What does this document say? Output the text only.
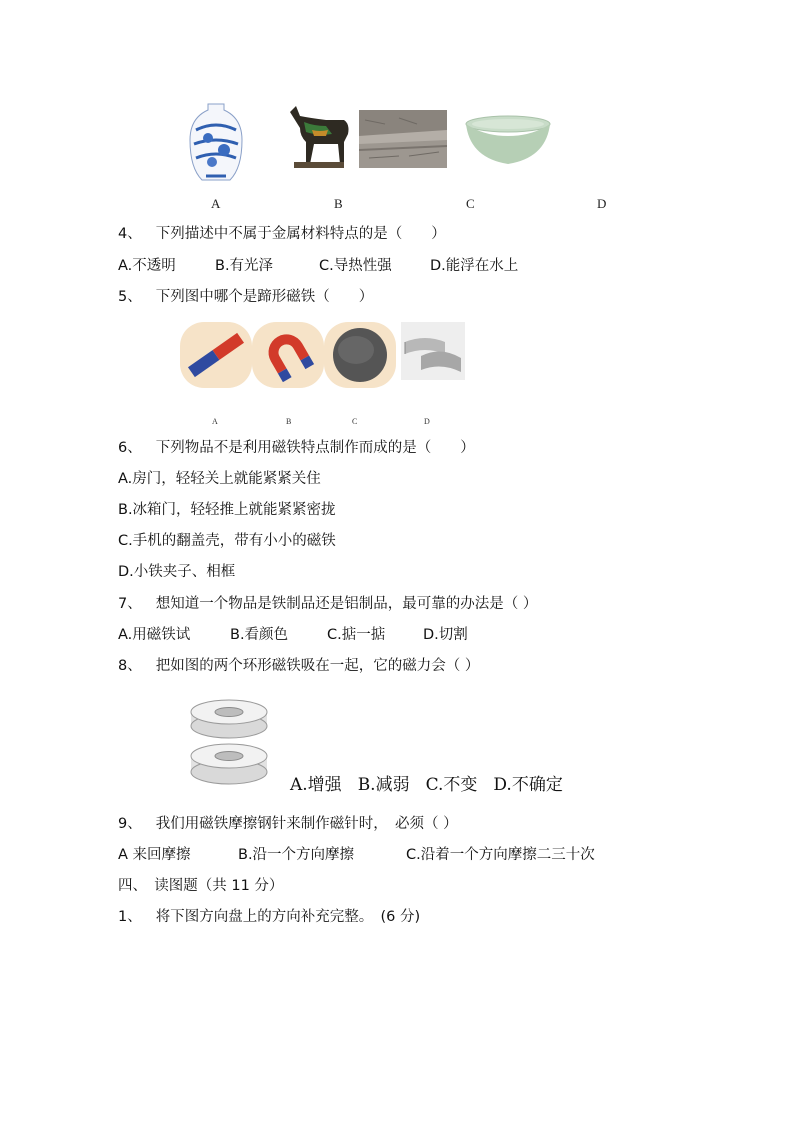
A	B	C	D
4、 下列描述中不属于金属材料特点的是（　　）
A.不透明	B.有光泽	C.导热性强	D.能浮在水上
5、 下列图中哪个是蹄形磁铁（　　）
A	B	C	D
6、 下列物品不是利用磁铁特点制作而成的是（　　）
A.房门，轻轻关上就能紧紧关住
B.冰箱门，轻轻推上就能紧紧密拢
C.手机的翻盖壳，带有小小的磁铁
D.小铁夹子、相框
7、 想知道一个物品是铁制品还是铝制品，最可靠的办法是（ ）
A.用磁铁试	B.看颜色	C.掂一掂	D.切割
8、 把如图的两个环形磁铁吸在一起，它的磁力会（ ）
A.增强 B.减弱 C.不变 D.不确定
9、 我们用磁铁摩擦钢针来制作磁针时，　必须（ ）
A 来回摩擦	B.沿一个方向摩擦	C.沿着一个方向摩擦二三十次
四、　读图题（共 11 分）
1、 将下图方向盘上的方向补充完整。　(6 分)
